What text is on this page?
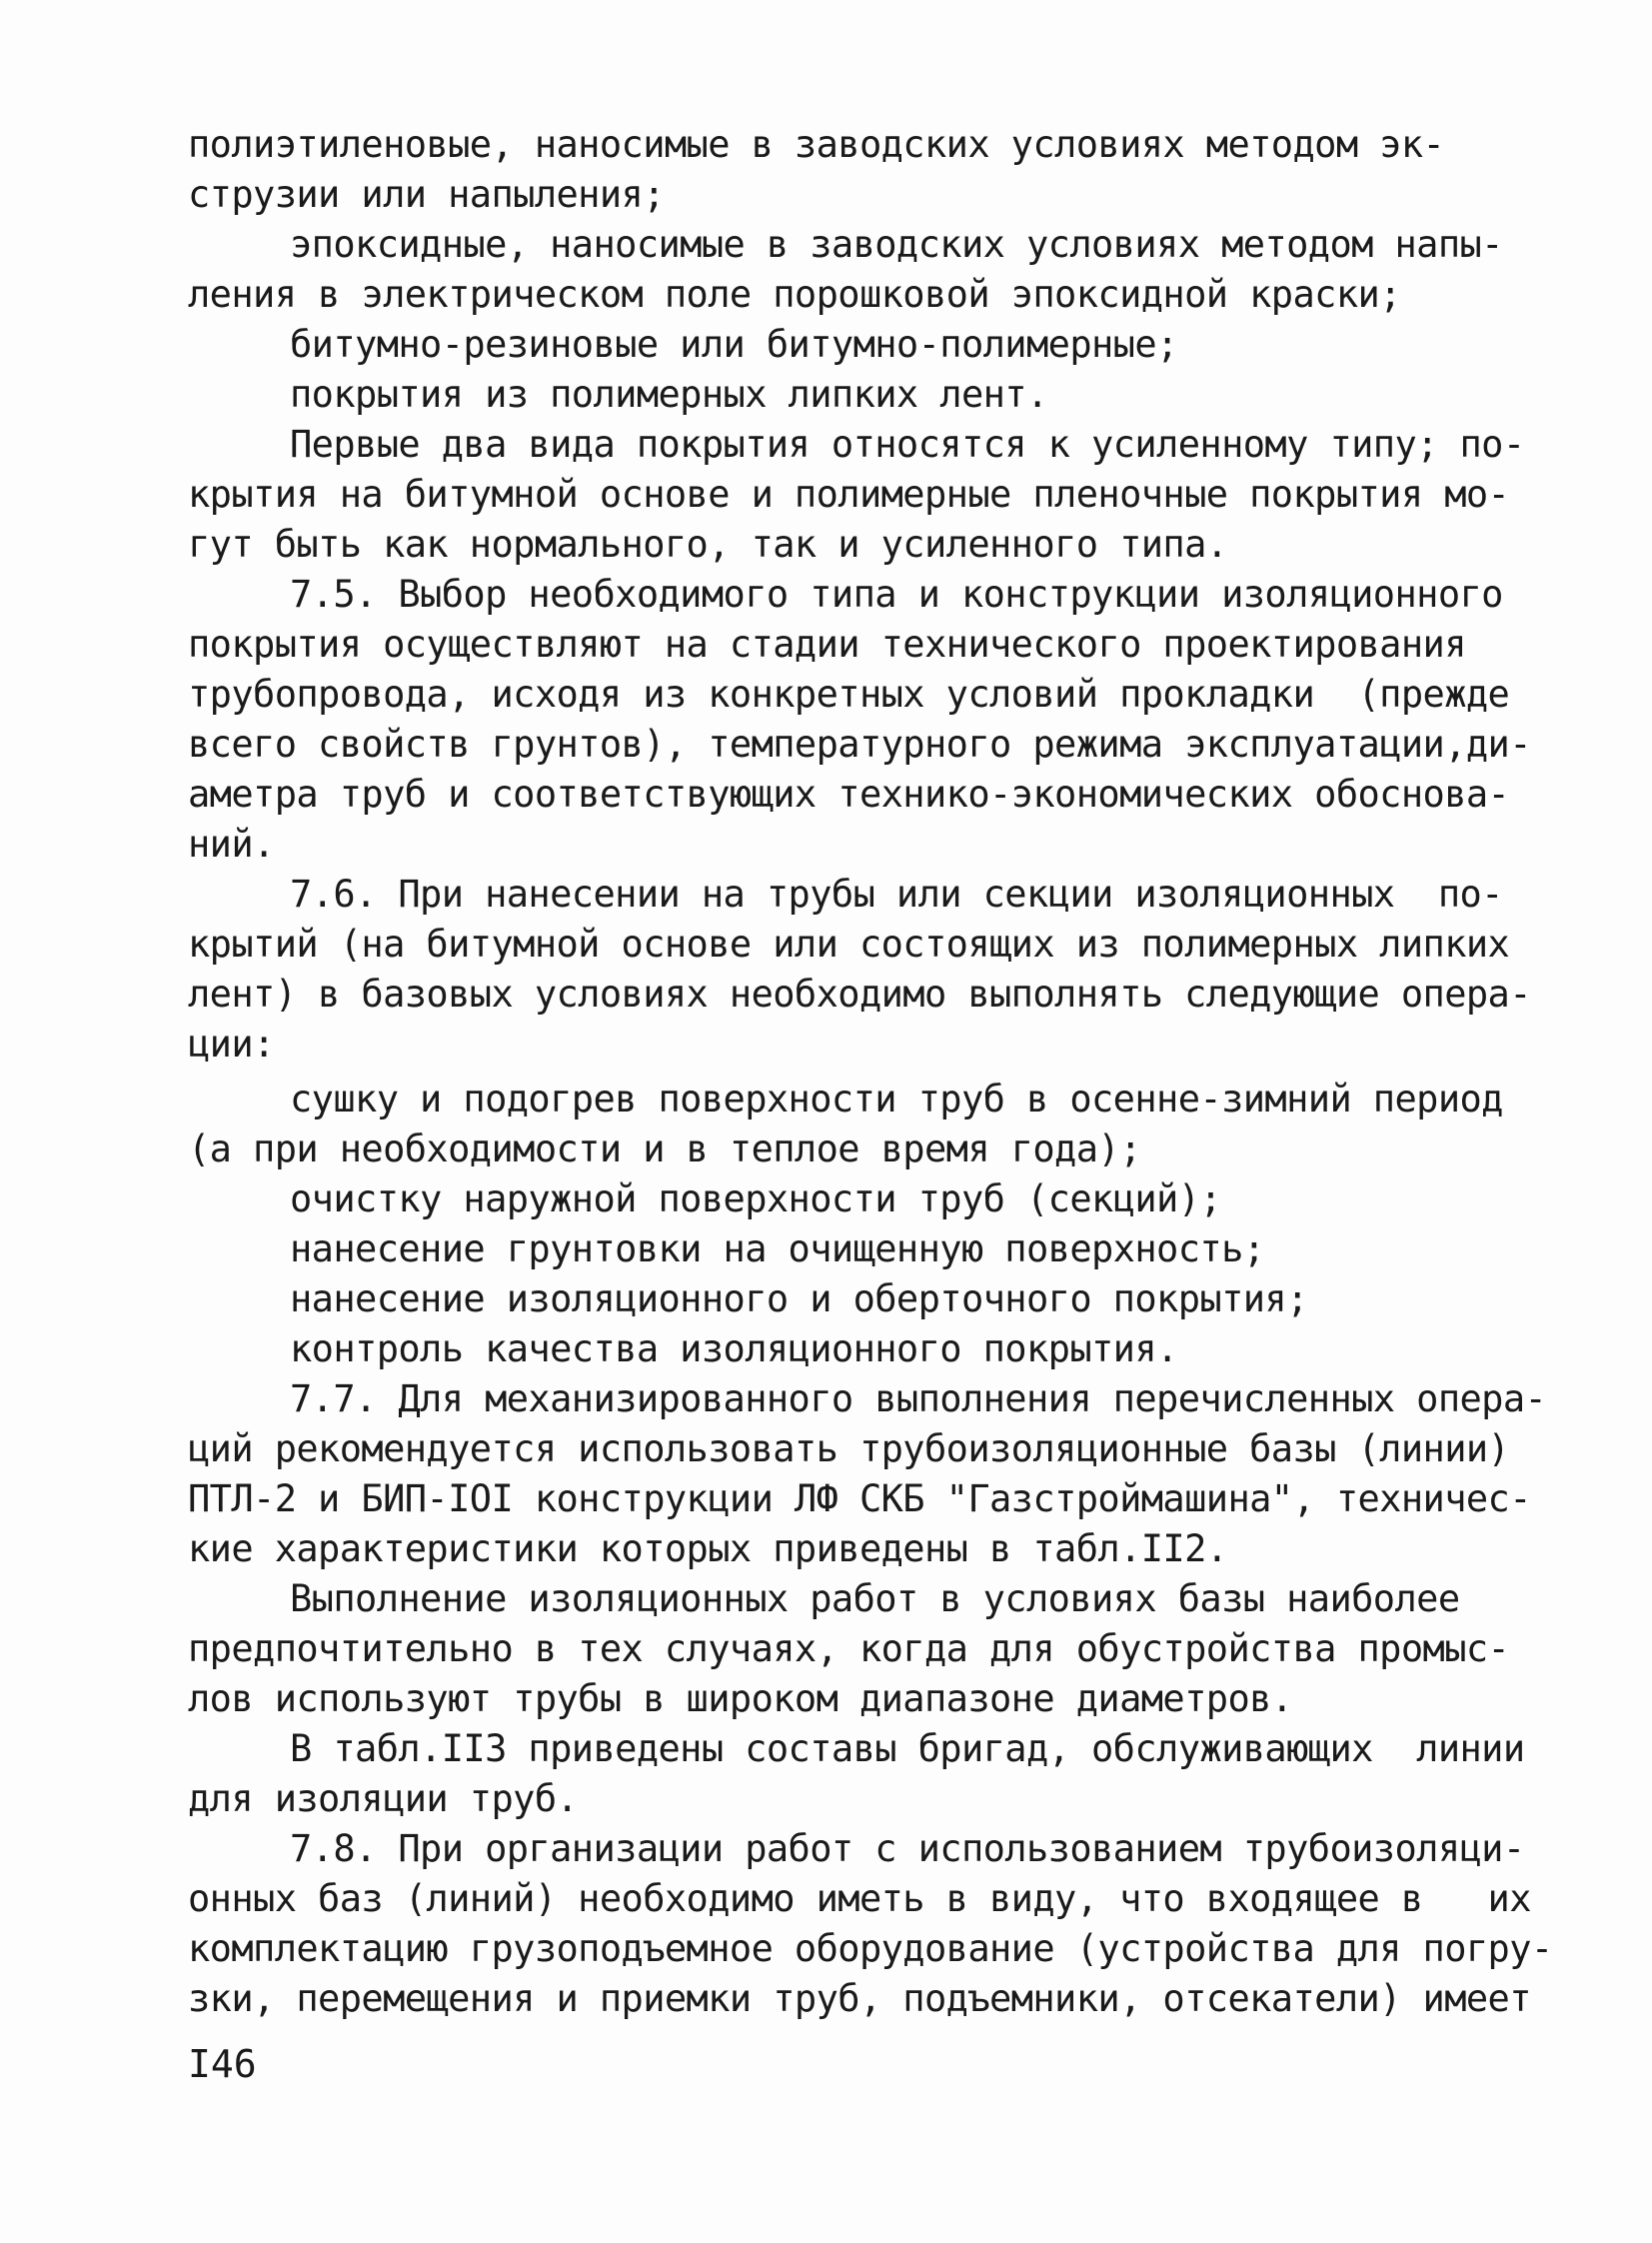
полиэтиленовые, наносимые в заводских условиях методом эк-
струзии или напыления;
эпоксидные, наносимые в заводских условиях методом напы-
ления в электрическом поле порошковой эпоксидной краски;
битумно-резиновые или битумно-полимерные;
покрытия из полимерных липких лент.
Первые два вида покрытия относятся к усиленному типу; по-
крытия на битумной основе и полимерные пленочные покрытия мо-
гут быть как нормального, так и усиленного типа.
7.5. Выбор необходимого типа и конструкции изоляционного
покрытия осуществляют на стадии технического проектирования
трубопровода, исходя из конкретных условий прокладки  (прежде
всего свойств грунтов), температурного режима эксплуатации,ди-
аметра труб и соответствующих технико-экономических обоснова-
ний.
7.6. При нанесении на трубы или секции изоляционных  по-
крытий (на битумной основе или состоящих из полимерных липких
лент) в базовых условиях необходимо выполнять следующие опера-
ции:
сушку и подогрев поверхности труб в осенне-зимний период
(а при необходимости и в теплое время года);
очистку наружной поверхности труб (секций);
нанесение грунтовки на очищенную поверхность;
нанесение изоляционного и оберточного покрытия;
контроль качества изоляционного покрытия.
7.7. Для механизированного выполнения перечисленных опера-
ций рекомендуется использовать трубоизоляционные базы (линии)
ПТЛ-2 и БИП-IOI конструкции ЛФ СКБ "Газстроймашина", техничес-
кие характеристики которых приведены в табл.II2.
Выполнение изоляционных работ в условиях базы наиболее
предпочтительно в тех случаях, когда для обустройства промыс-
лов используют трубы в широком диапазоне диаметров.
В табл.II3 приведены составы бригад, обслуживающих  линии
для изоляции труб.
7.8. При организации работ с использованием трубоизоляци-
онных баз (линий) необходимо иметь в виду, что входящее в   их
комплектацию грузоподъемное оборудование (устройства для погру-
зки, перемещения и приемки труб, подъемники, отсекатели) имеет
I46
